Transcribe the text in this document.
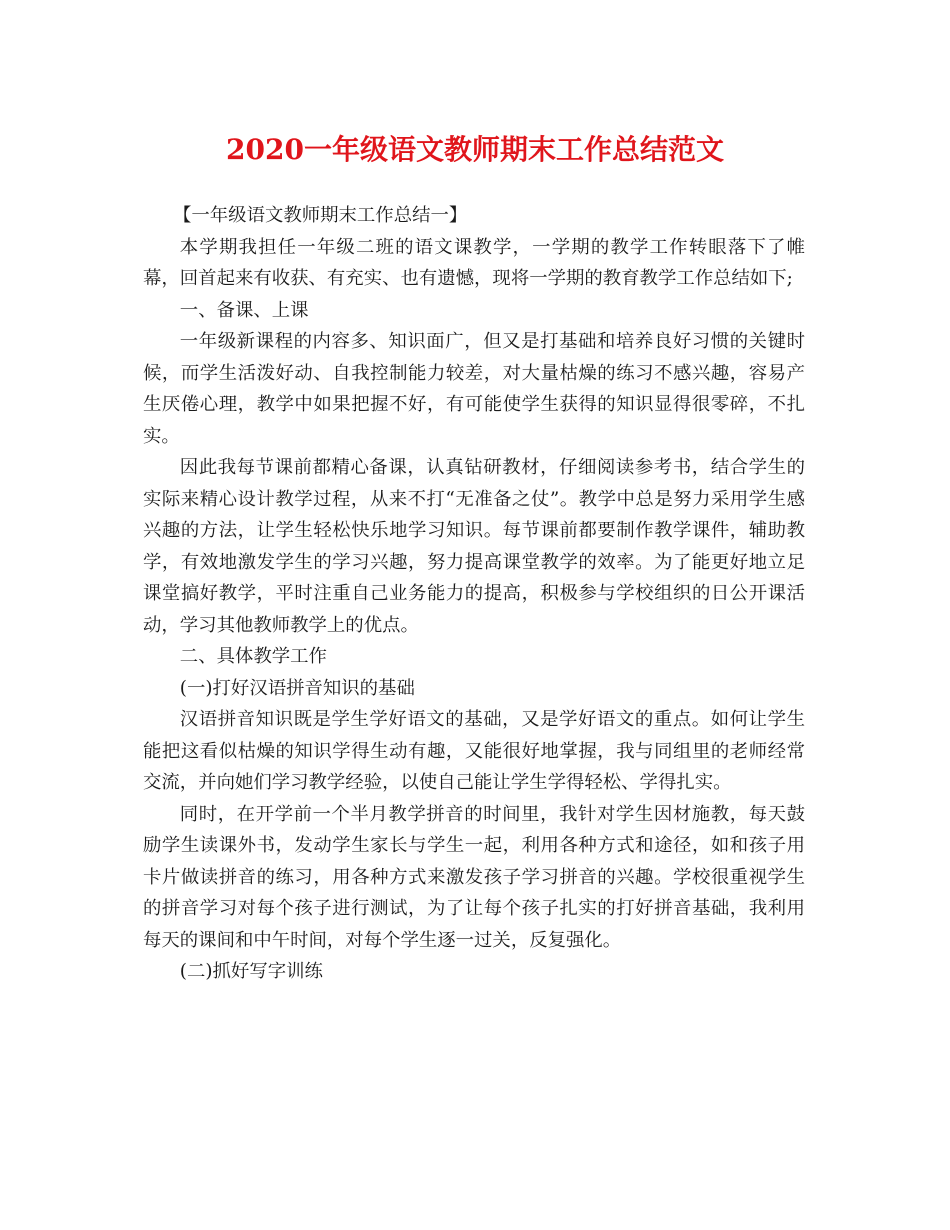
2020一年级语文教师期末工作总结范文

【一年级语文教师期末工作总结一】

本学期我担任一年级二班的语文课教学，一学期的教学工作转眼落下了帷幕，回首起来有收获、有充实、也有遗憾，现将一学期的教育教学工作总结如下;

一、备课、上课

一年级新课程的内容多、知识面广，但又是打基础和培养良好习惯的关键时候，而学生活泼好动、自我控制能力较差，对大量枯燥的练习不感兴趣，容易产生厌倦心理，教学中如果把握不好，有可能使学生获得的知识显得很零碎，不扎实。

因此我每节课前都精心备课，认真钻研教材，仔细阅读参考书，结合学生的实际来精心设计教学过程，从来不打“无准备之仗”。教学中总是努力采用学生感兴趣的方法，让学生轻松快乐地学习知识。每节课前都要制作教学课件，辅助教学，有效地激发学生的学习兴趣，努力提高课堂教学的效率。为了能更好地立足课堂搞好教学，平时注重自己业务能力的提高，积极参与学校组织的日公开课活动，学习其他教师教学上的优点。

二、具体教学工作

(一)打好汉语拼音知识的基础

汉语拼音知识既是学生学好语文的基础，又是学好语文的重点。如何让学生能把这看似枯燥的知识学得生动有趣，又能很好地掌握，我与同组里的老师经常交流，并向她们学习教学经验，以使自己能让学生学得轻松、学得扎实。

同时，在开学前一个半月教学拼音的时间里，我针对学生因材施教，每天鼓励学生读课外书，发动学生家长与学生一起，利用各种方式和途径，如和孩子用卡片做读拼音的练习，用各种方式来激发孩子学习拼音的兴趣。学校很重视学生的拼音学习对每个孩子进行测试，为了让每个孩子扎实的打好拼音基础，我利用每天的课间和中午时间，对每个学生逐一过关，反复强化。

(二)抓好写字训练
